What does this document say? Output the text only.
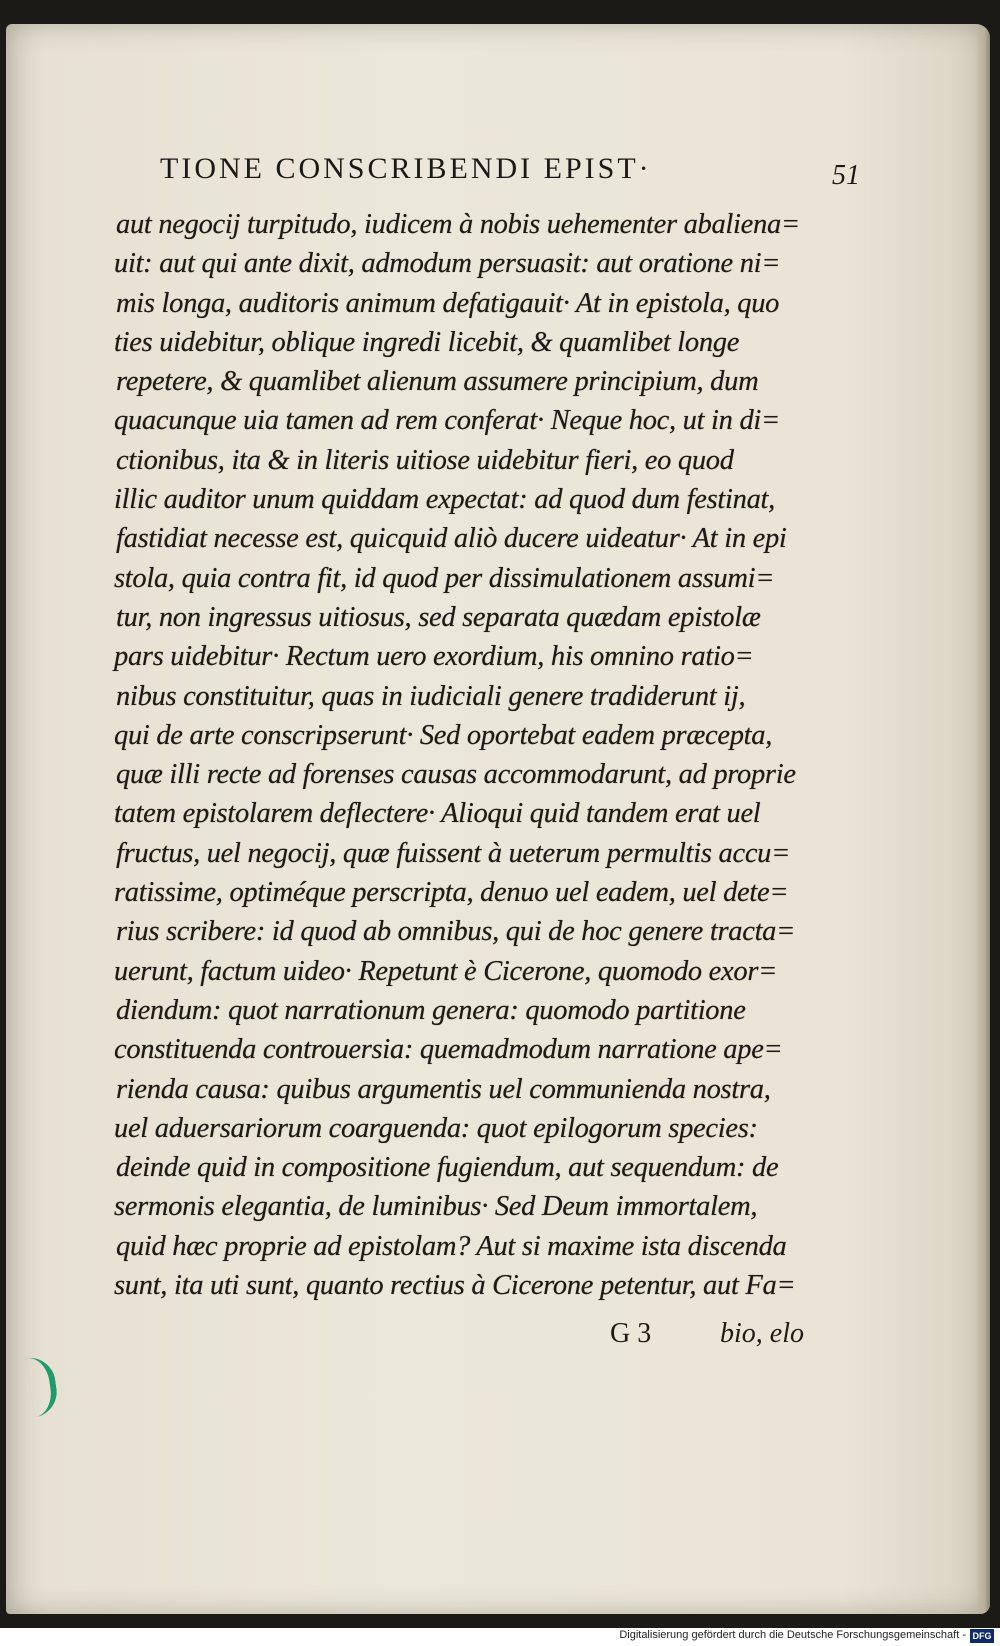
TIONE CONSCRIBENDI EPIST·	51
aut negocij turpitudo, iudicem à nobis uehementer abaliena=
uit: aut qui ante dixit, admodum persuasit: aut oratione ni=
mis longa, auditoris animum defatigauit· At in epistola, quo
ties uidebitur, oblique ingredi licebit, & quamlibet longe
repetere, & quamlibet alienum assumere principium, dum
quacunque uia tamen ad rem conferat· Neque hoc, ut in di=
ctionibus, ita & in literis uitiose uidebitur fieri, eo quod
illic auditor unum quiddam expectat: ad quod dum festinat,
fastidiat necesse est, quicquid aliò ducere uideatur· At in epi
stola, quia contra fit, id quod per dissimulationem assumi=
tur, non ingressus uitiosus, sed separata quædam epistolæ
pars uidebitur· Rectum uero exordium, his omnino ratio=
nibus constituitur, quas in iudiciali genere tradiderunt ij,
qui de arte conscripserunt· Sed oportebat eadem præcepta,
quæ illi recte ad forenses causas accommodarunt, ad proprie
tatem epistolarem deflectere· Alioqui quid tandem erat uel
fructus, uel negocij, quæ fuissent à ueterum permultis accu=
ratissime, optiméque perscripta, denuo uel eadem, uel dete=
rius scribere: id quod ab omnibus, qui de hoc genere tracta=
uerunt, factum uideo· Repetunt è Cicerone, quomodo exor=
diendum: quot narrationum genera: quomodo partitione
constituenda controuersia: quemadmodum narratione ape=
rienda causa: quibus argumentis uel communienda nostra,
uel aduersariorum coarguenda: quot epilogorum species:
deinde quid in compositione fugiendum, aut sequendum: de
sermonis elegantia, de luminibus· Sed Deum immortalem,
quid hæc proprie ad epistolam? Aut si maxime ista discenda
sunt, ita uti sunt, quanto rectius à Cicerone petentur, aut Fa=
G 3 bio, elo
Digitalisierung gefördert durch die Deutsche Forschungsgemeinschaft - DFG
